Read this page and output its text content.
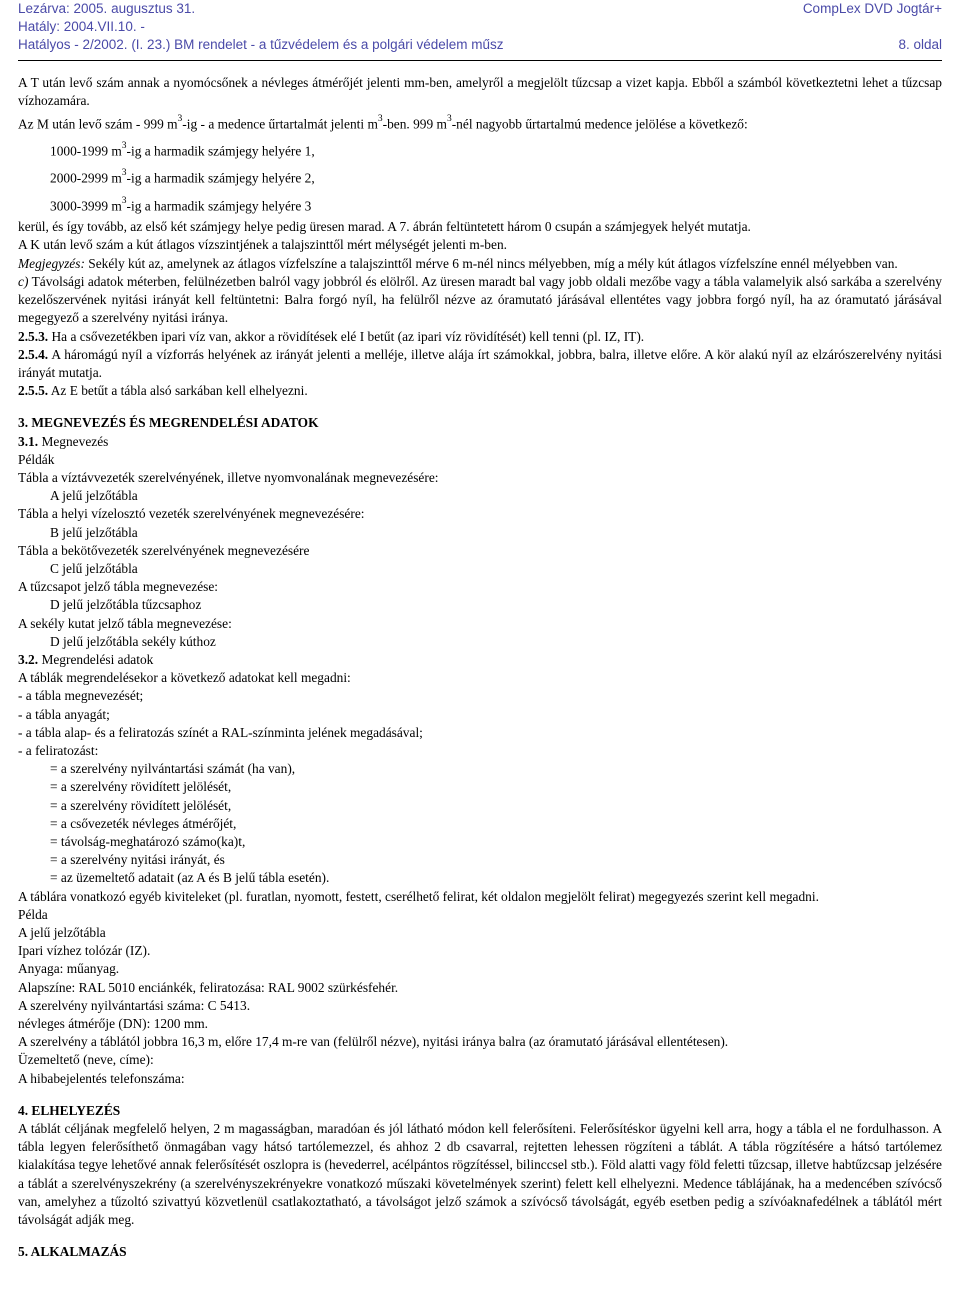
Lezárva: 2005. augusztus 31.
Hatály: 2004.VII.10. -
Hatályos - 2/2002. (I. 23.) BM rendelet - a tűzvédelem és a polgári védelem műsz
CompLex DVD Jogtár+
8. oldal

A T után levő szám annak a nyomócsőnek a névleges átmérőjét jelenti mm-ben, amelyről a megjelölt tűzcsap a vizet kapja. Ebből a számból következtetni lehet a tűzcsap vízhozamára.

Az M után levő szám - 999 $m^3-ig$ - a medence űrtartalmát jelenti $m^3$-ben. 999 $m^3$-nél nagyobb űrtartalmú medence jelölése a következő:

1000-1999 $m^3-ig$ a harmadik számjegy helyére 1,

2000-2999 $m^3-ig$ a harmadik számjegy helyére 2,

3000-3999 $m^3-ig$ a harmadik számjegy helyére 3

kerül, és így tovább, az első két számjegy helye pedig üresen marad. A 7. ábrán feltüntetett három 0 csupán a számjegyek helyét mutatja.

A K után levő szám a kút átlagos vízszintjének a talajszinttől mért mélységét jelenti m-ben.

Megjegyzés: Sekély kút az, amelynek az átlagos vízfelszíne a talajszinttől mérve 6 m-nél nincs mélyebben, míg a mély kút átlagos vízfelszíne ennél mélyebben van.

c) Távolsági adatok méterben, felülnézetben balról vagy jobbról és elölről. Az üresen maradt bal vagy jobb oldali mezőbe vagy a tábla valamelyik alsó sarkába a szerelvény kezelőszervének nyitási irányát kell feltüntetni: Balra forgó nyíl, ha felülről nézve az óramutató járásával ellentétes vagy jobbra forgó nyíl, ha az óramutató járásával megegyező a szerelvény nyitási iránya.

2.5.3. Ha a csővezetékben ipari víz van, akkor a rövidítések elé I betűt (az ipari víz rövidítését) kell tenni (pl. IZ, IT).

2.5.4. A háromágú nyíl a vízforrás helyének az irányát jelenti a melléje, illetve alája írt számokkal, jobbra, balra, illetve előre. A kör alakú nyíl az elzárószerelvény nyitási irányát mutatja.

2.5.5. Az E betűt a tábla alsó sarkában kell elhelyezni.

3. MEGNEVEZÉS ÉS MEGRENDELÉSI ADATOK

3.1. Megnevezés

Példák

Tábla a víztávvezeték szerelvényének, illetve nyomvonalának megnevezésére:

A jelű jelzőtábla

Tábla a helyi vízelosztó vezeték szerelvényének megnevezésére:

B jelű jelzőtábla

Tábla a bekötővezeték szerelvényének megnevezésére

C jelű jelzőtábla

A tűzcsapot jelző tábla megnevezése:

D jelű jelzőtábla tűzcsaphoz

A sekély kutat jelző tábla megnevezése:

D jelű jelzőtábla sekély kúthoz

3.2. Megrendelési adatok

A táblák megrendelésekor a következő adatokat kell megadni:

- a tábla megnevezését;

- a tábla anyagát;

- a tábla alap- és a feliratozás színét a RAL-színminta jelének megadásával;

- a feliratozást:

= a szerelvény nyilvántartási számát (ha van),

= a szerelvény rövidített jelölését,

= a szerelvény rövidített jelölését,

= a csővezeték névleges átmérőjét,

= távolság-meghatározó számo(ka)t,

= a szerelvény nyitási irányát, és

= az üzemeltető adatait (az A és B jelű tábla esetén).

A táblára vonatkozó egyéb kiviteleket (pl. furatlan, nyomott, festett, cserélhető felirat, két oldalon megjelölt felirat) megegyezés szerint kell megadni.

Példa

A jelű jelzőtábla

Ipari vízhez tolózár (IZ).

Anyaga: műanyag.

Alapszíne: RAL 5010 enciánkék, feliratozása: RAL 9002 szürkésfehér.

A szerelvény nyilvántartási száma: C 5413.

névleges átmérője (DN): 1200 mm.

A szerelvény a táblától jobbra 16,3 m, előre 17,4 m-re van (felülről nézve), nyitási iránya balra (az óramutató járásával ellentétesen).

Üzemeltető (neve, címe):

A hibabejelentés telefonszáma:

4. ELHELYEZÉS

A táblát céljának megfelelő helyen, 2 m magasságban, maradóan és jól látható módon kell felerősíteni. Felerősítéskor ügyelni kell arra, hogy a tábla el ne fordulhasson. A tábla legyen felerősíthető önmagában vagy hátsó tartólemezzel, és ahhoz 2 db csavarral, rejtetten lehessen rögzíteni a táblát. A tábla rögzítésére a hátsó tartólemez kialakítása tegye lehetővé annak felerősítését oszlopra is (hevederrel, acélpántos rögzítéssel, bilinccsel stb.). Föld alatti vagy föld feletti tűzcsap, illetve habtűzcsap jelzésére a táblát a szerelvényszekrény (a szerelvényszekrényekre vonatkozó műszaki követelmények szerint) felett kell elhelyezni. Medence táblájának, ha a medencében szívócső van, amelyhez a tűzoltó szivattyú közvetlenül csatlakoztatható, a távolságot jelző számok a szívócső távolságát, egyéb esetben pedig a szívóaknafedélnek a táblától mért távolságát adják meg.

5. ALKALMAZÁS
